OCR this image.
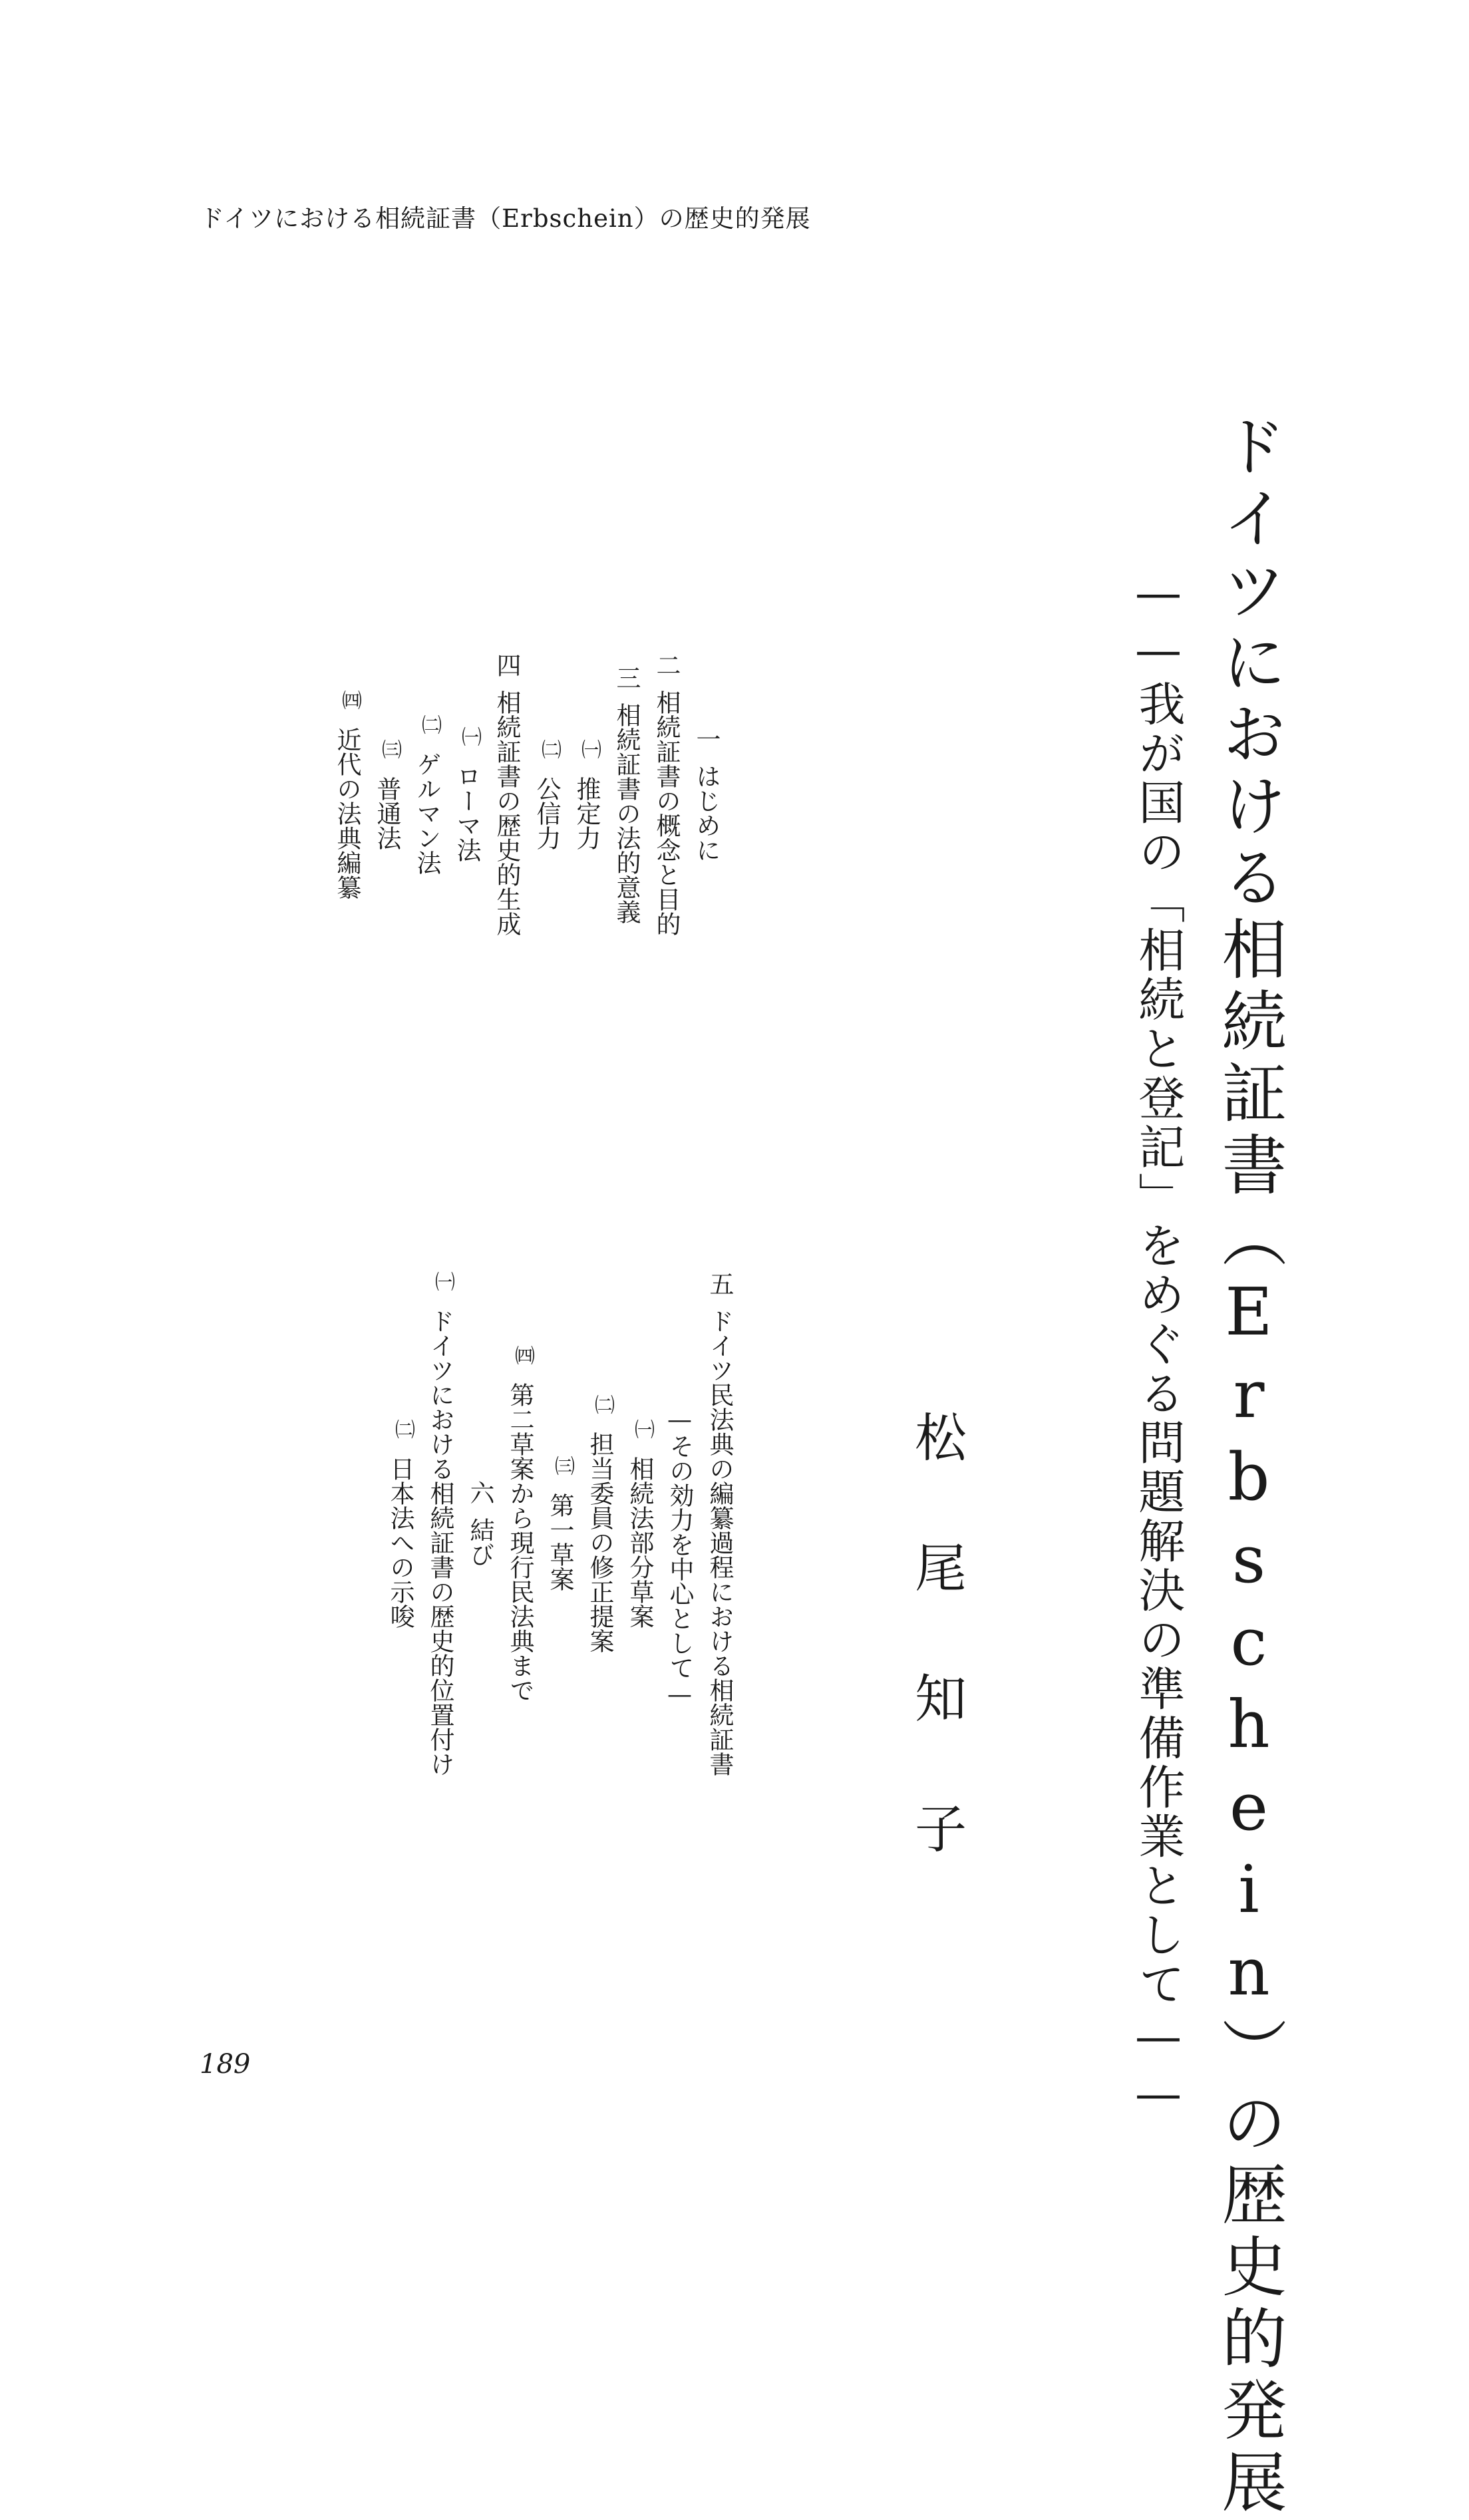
ドイツにおける相続証書（Erbschein）の歴史的発展
ドイツにおける相続証書（Erbschein）の歴史的発展
——我が国の「相続と登記」をめぐる問題解決の準備作業として——
松尾知子
一
はじめに
二
相続証書の概念と目的
三
相続証書の法的意義
㈠
推定力
㈡
公信力
四
相続証書の歴史的生成
㈠
ローマ法
㈡
ゲルマン法
㈢
普通法
㈣
近代の法典編纂
五
ドイツ民法典の編纂過程における相続証書
—その効力を中心として—
㈠
相続法部分草案
㈡
担当委員の修正提案
㈢
第一草案
㈣
第二草案から現行民法典まで
六
結び
㈠
ドイツにおける相続証書の歴史的位置付け
㈡
日本法への示唆
189
